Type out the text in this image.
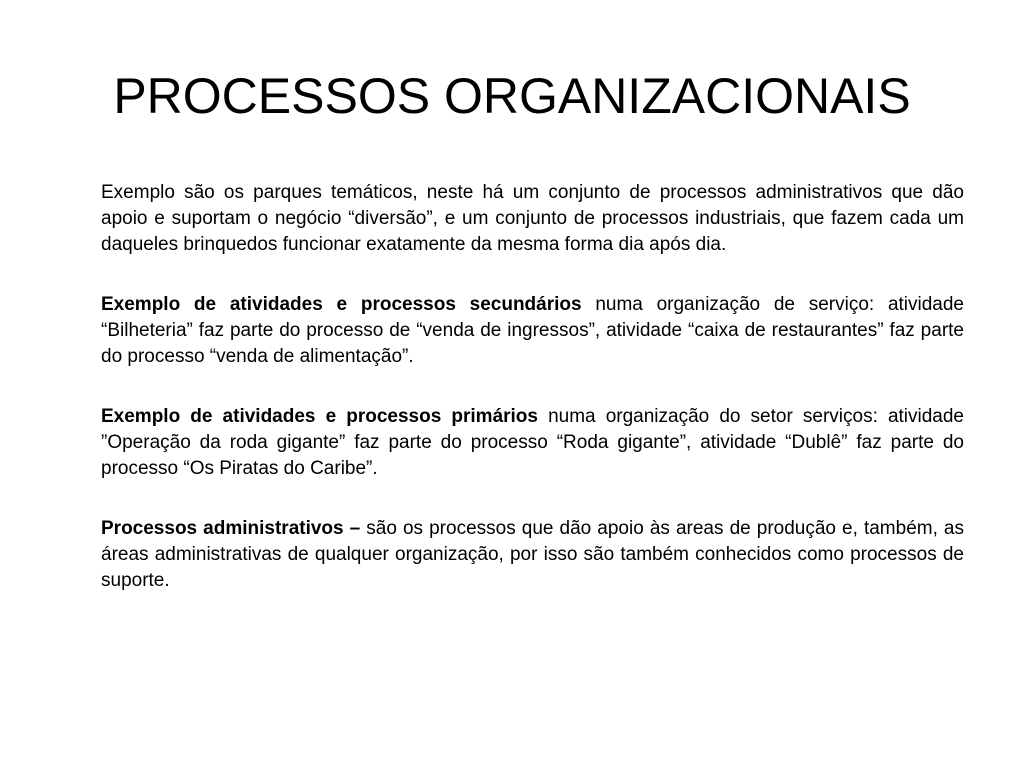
PROCESSOS ORGANIZACIONAIS

Exemplo são os parques temáticos, neste há um conjunto de processos administrativos que dão apoio e suportam o negócio “diversão”, e um conjunto de processos industriais, que fazem cada um daqueles brinquedos funcionar exatamente da mesma forma dia após dia.

Exemplo de atividades e processos secundários numa organização de serviço: atividade “Bilheteria” faz parte do processo de “venda de ingressos”, atividade “caixa de restaurantes” faz parte do processo “venda de alimentação”.

Exemplo de atividades e processos primários numa organização do setor serviços: atividade ”Operação da roda gigante” faz parte do processo “Roda gigante”, atividade “Dublê” faz parte do processo “Os Piratas do Caribe”.

Processos administrativos – são os processos que dão apoio às areas de produção e, também, as áreas administrativas de qualquer organização, por isso são também conhecidos como processos de suporte.
